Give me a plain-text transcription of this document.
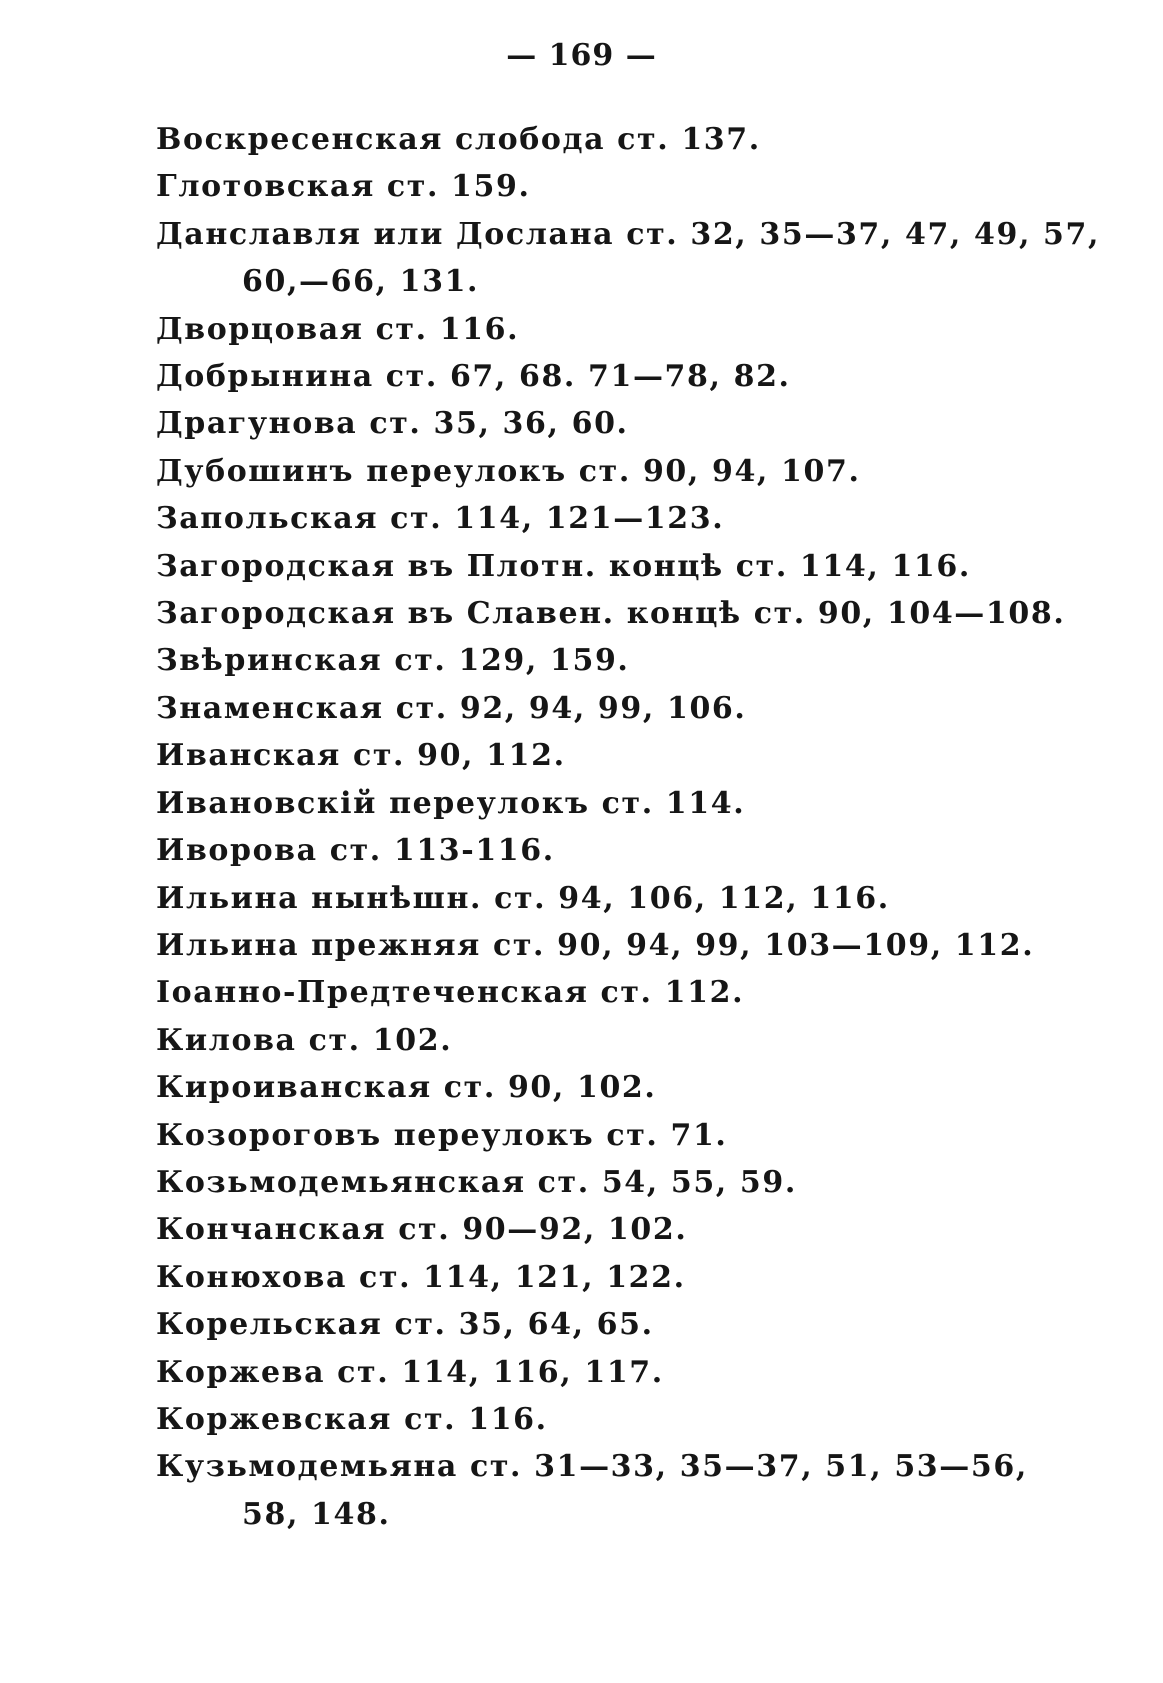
— 169 —
Воскресенская слобода ст. 137.
Глотовская ст. 159.
Данславля или Дослана ст. 32, 35—37, 47, 49, 57,
60,—66, 131.
Дворцовая ст. 116.
Добрынина ст. 67, 68. 71—78, 82.
Драгунова ст. 35, 36, 60.
Дубошинъ переулокъ ст. 90, 94, 107.
Запольская ст. 114, 121—123.
Загородская въ Плотн. концѣ ст. 114, 116.
Загородская въ Славен. концѣ ст. 90, 104—108.
Звѣринская ст. 129, 159.
Знаменская ст. 92, 94, 99, 106.
Иванская ст. 90, 112.
Ивановскій переулокъ ст. 114.
Иворова ст. 113-116.
Ильина нынѣшн. ст. 94, 106, 112, 116.
Ильина прежняя ст. 90, 94, 99, 103—109, 112.
Іоанно-Предтеченская ст. 112.
Килова ст. 102.
Кироиванская ст. 90, 102.
Козороговъ переулокъ ст. 71.
Козьмодемьянская ст. 54, 55, 59.
Кончанская ст. 90—92, 102.
Конюхова ст. 114, 121, 122.
Корельская ст. 35, 64, 65.
Коржева ст. 114, 116, 117.
Коржевская ст. 116.
Кузьмодемьяна ст. 31—33, 35—37, 51, 53—56,
58, 148.
